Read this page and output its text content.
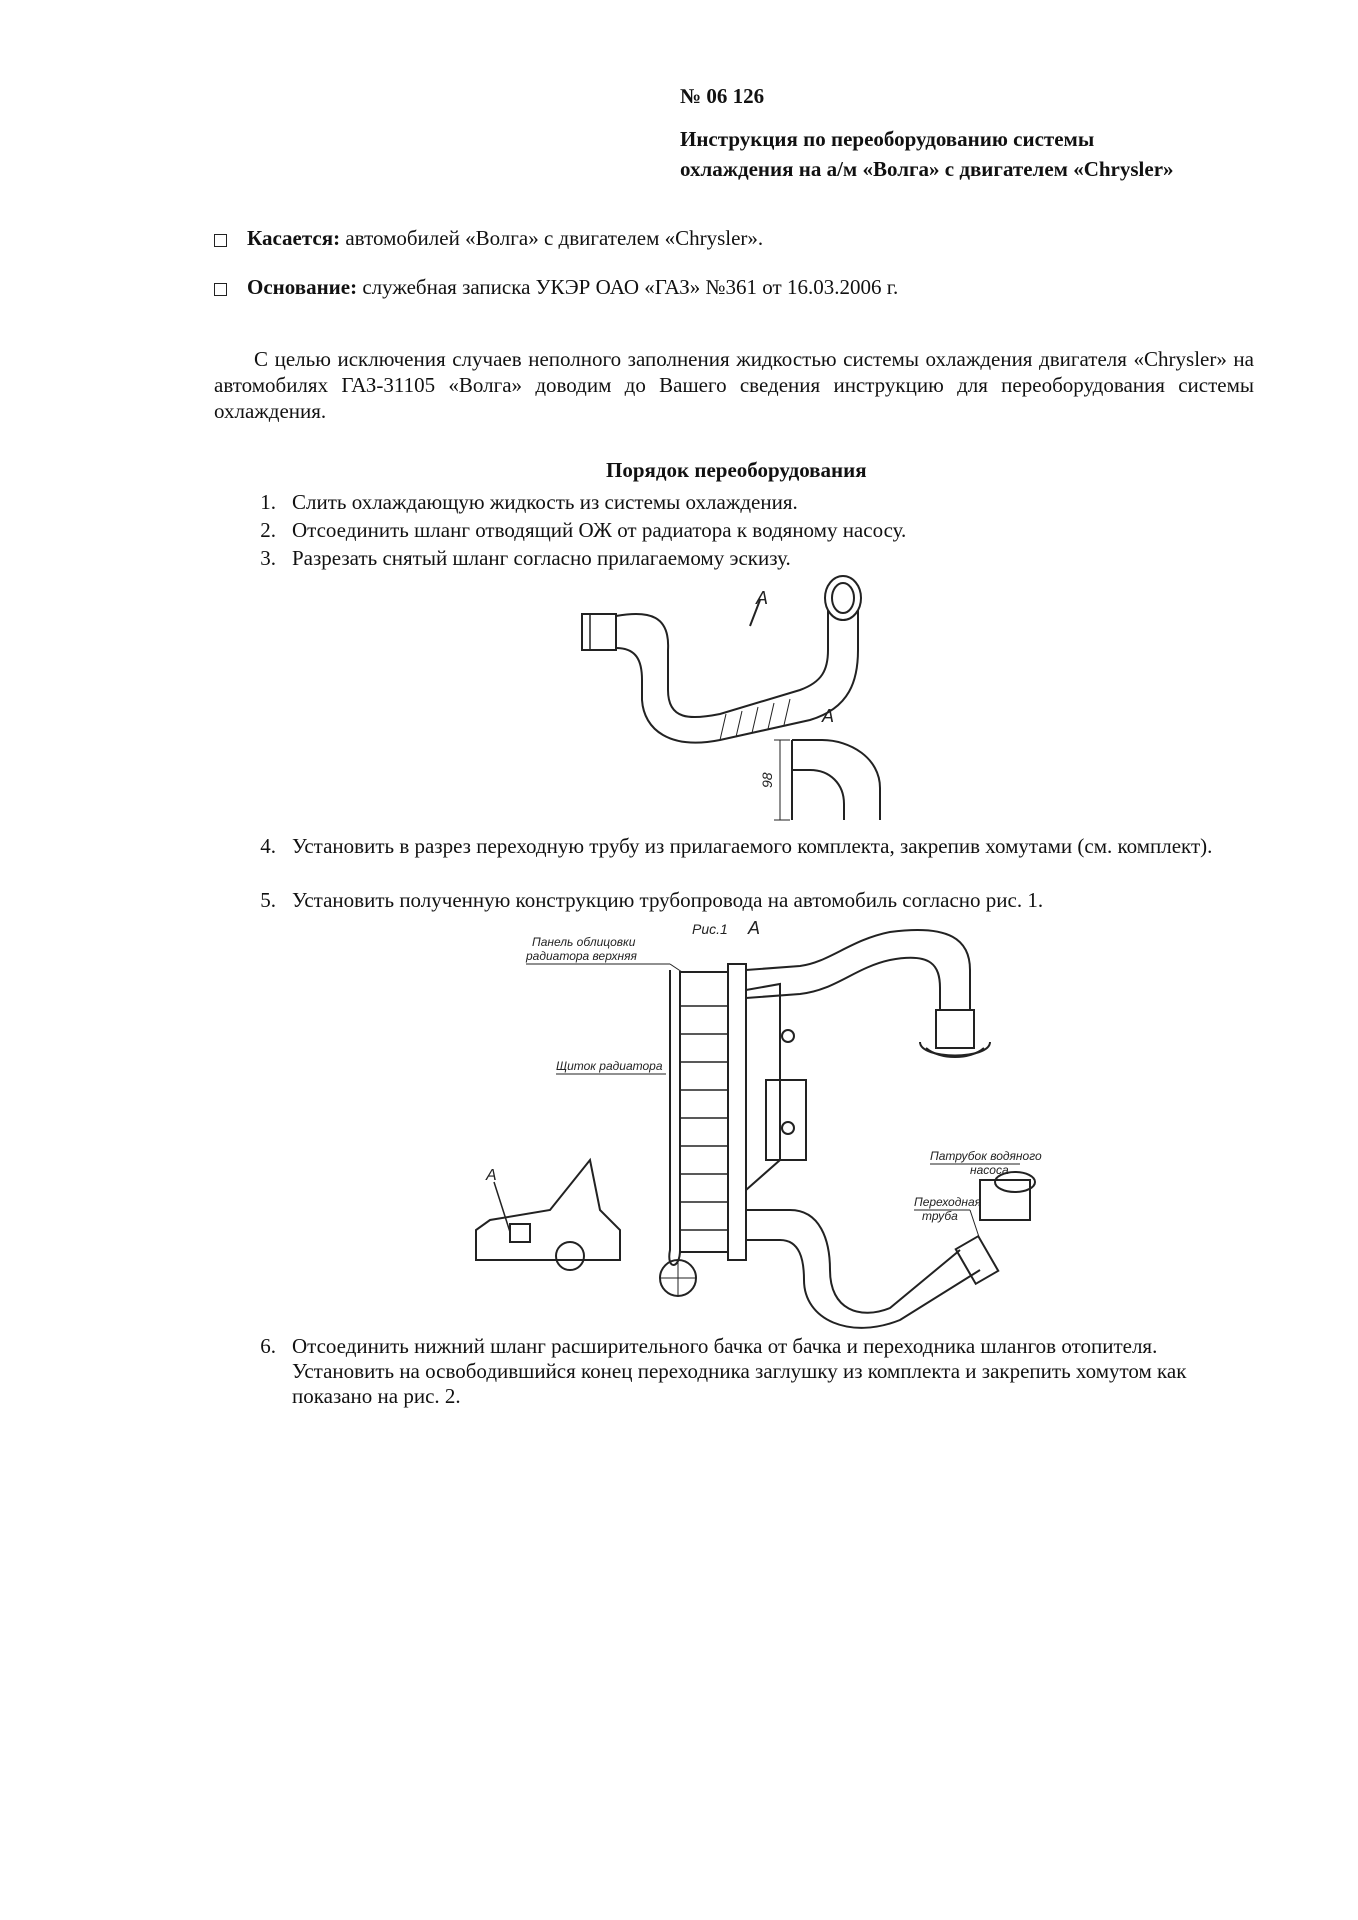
№ 06 126
Инструкция по переоборудованию системы
охлаждения на а/м «Волга» с двигателем «Chrysler»
Касается: автомобилей «Волга» с двигателем «Chrysler».
Основание: служебная записка УКЭР ОАО «ГАЗ» №361 от 16.03.2006 г.
С целью исключения случаев неполного заполнения жидкостью системы охлаждения двигателя «Chrysler» на автомобилях ГАЗ-31105 «Волга» доводим до Вашего сведения инструкцию для переоборудования системы охлаждения.
Порядок переоборудования
1. Слить охлаждающую жидкость из системы охлаждения.
2. Отсоединить шланг отводящий ОЖ от радиатора к водяному насосу.
3. Разрезать снятый шланг согласно прилагаемому эскизу.
А
А
98
4. Установить в разрез переходную трубу из прилагаемого комплекта, закрепив хомутами (см. комплект).
5. Установить полученную конструкцию трубопровода на автомобиль согласно рис. 1.
Рис.1 А
Панель облицовки
радиатора верхняя
Щиток радиатора
Патрубок водяного
насоса
Переходная
труба
А
6. Отсоединить нижний шланг расширительного бачка от бачка и переходника шлангов отопителя. Установить на освободившийся конец переходника заглушку из комплекта и закрепить хомутом как показано на рис. 2.
